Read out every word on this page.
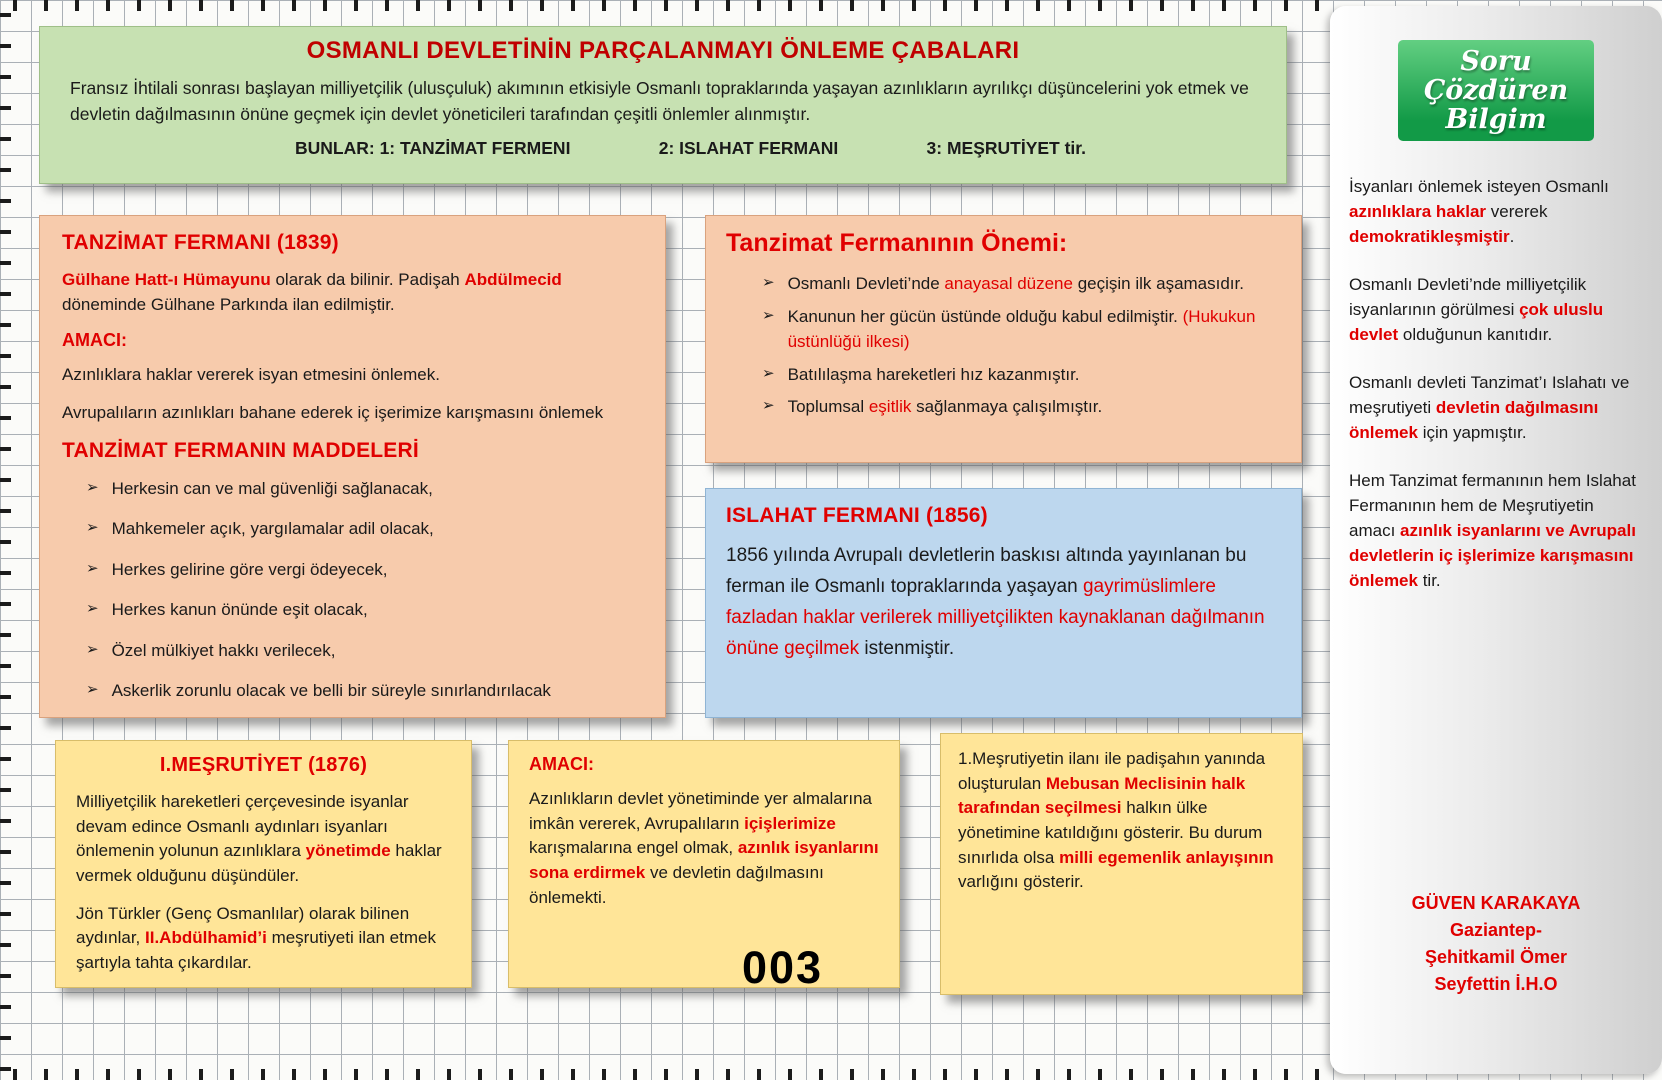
OSMANLI DEVLETİNİN PARÇALANMAYI ÖNLEME ÇABALARI

Fransız İhtilali sonrası başlayan milliyetçilik (ulusçuluk) akımının etkisiyle Osmanlı topraklarında yaşayan azınlıkların ayrılıkçı düşüncelerini yok etmek ve devletin dağılmasının önüne geçmek için devlet yöneticileri tarafından çeşitli önlemler alınmıştır.

BUNLAR: 1: TANZİMAT FERMENI	2: ISLAHAT FERMANI	3: MEŞRUTİYET tir.
TANZİMAT FERMANI (1839)

Gülhane Hatt-ı Hümayunu olarak da bilinir. Padişah Abdülmecid döneminde Gülhane Parkında ilan edilmiştir.

AMACI:

Azınlıklara haklar vererek isyan etmesini önlemek.

Avrupalıların azınlıkları bahane ederek iç işerimize karışmasını önlemek

TANZİMAT FERMANIN MADDELERİ
➢ Herkesin can ve mal güvenliği sağlanacak,
➢ Mahkemeler açık, yargılamalar adil olacak,
➢ Herkes gelirine göre vergi ödeyecek,
➢ Herkes kanun önünde eşit olacak,
➢ Özel mülkiyet hakkı verilecek,
➢ Askerlik zorunlu olacak ve belli bir süreyle sınırlandırılacak
Tanzimat Fermanının Önemi:
➢ Osmanlı Devleti’nde anayasal düzene geçişin ilk aşamasıdır.
➢ Kanunun her gücün üstünde olduğu kabul edilmiştir. (Hukukun üstünlüğü ilkesi)
➢ Batılılaşma hareketleri hız kazanmıştır.
➢ Toplumsal eşitlik sağlanmaya çalışılmıştır.
ISLAHAT FERMANI (1856)

1856 yılında Avrupalı devletlerin baskısı altında yayınlanan bu ferman ile Osmanlı topraklarında yaşayan gayrimüslimlere fazladan haklar verilerek milliyetçilikten kaynaklanan dağılmanın önüne geçilmek istenmiştir.

I.MEŞRUTİYET (1876)

Milliyetçilik hareketleri çerçevesinde isyanlar devam edince Osmanlı aydınları isyanları önlemenin yolunun azınlıklara yönetimde haklar vermek olduğunu düşündüler.

Jön Türkler (Genç Osmanlılar) olarak bilinen aydınlar, II.Abdülhamid’i meşrutiyeti ilan etmek şartıyla tahta çıkardılar.

AMACI:

Azınlıkların devlet yönetiminde yer almalarına imkân vererek, Avrupalıların içişlerimize karışmalarına engel olmak, azınlık isyanlarını sona erdirmek ve devletin dağılmasını önlemekti.

1.Meşrutiyetin ilanı ile padişahın yanında oluşturulan Mebusan Meclisinin halk tarafından seçilmesi halkın ülke yönetimine katıldığını gösterir. Bu durum sınırlıda olsa milli egemenlik anlayışının varlığını gösterir.

003
Soru Çözdüren
Bilgim

İsyanları önlemek isteyen Osmanlı azınlıklara haklar vererek demokratikleşmiştir.

Osmanlı Devleti’nde milliyetçilik isyanlarının görülmesi çok uluslu devlet olduğunun kanıtıdır.

Osmanlı devleti Tanzimat’ı Islahatı ve meşrutiyeti devletin dağılmasını önlemek için yapmıştır.

Hem Tanzimat fermanının hem Islahat Fermanının hem de Meşrutiyetin amacı azınlık isyanlarını ve Avrupalı devletlerin iç işlerimize karışmasını önlemek tir.

GÜVEN KARAKAYA
Gaziantep-
Şehitkamil Ömer
Seyfettin İ.H.O
